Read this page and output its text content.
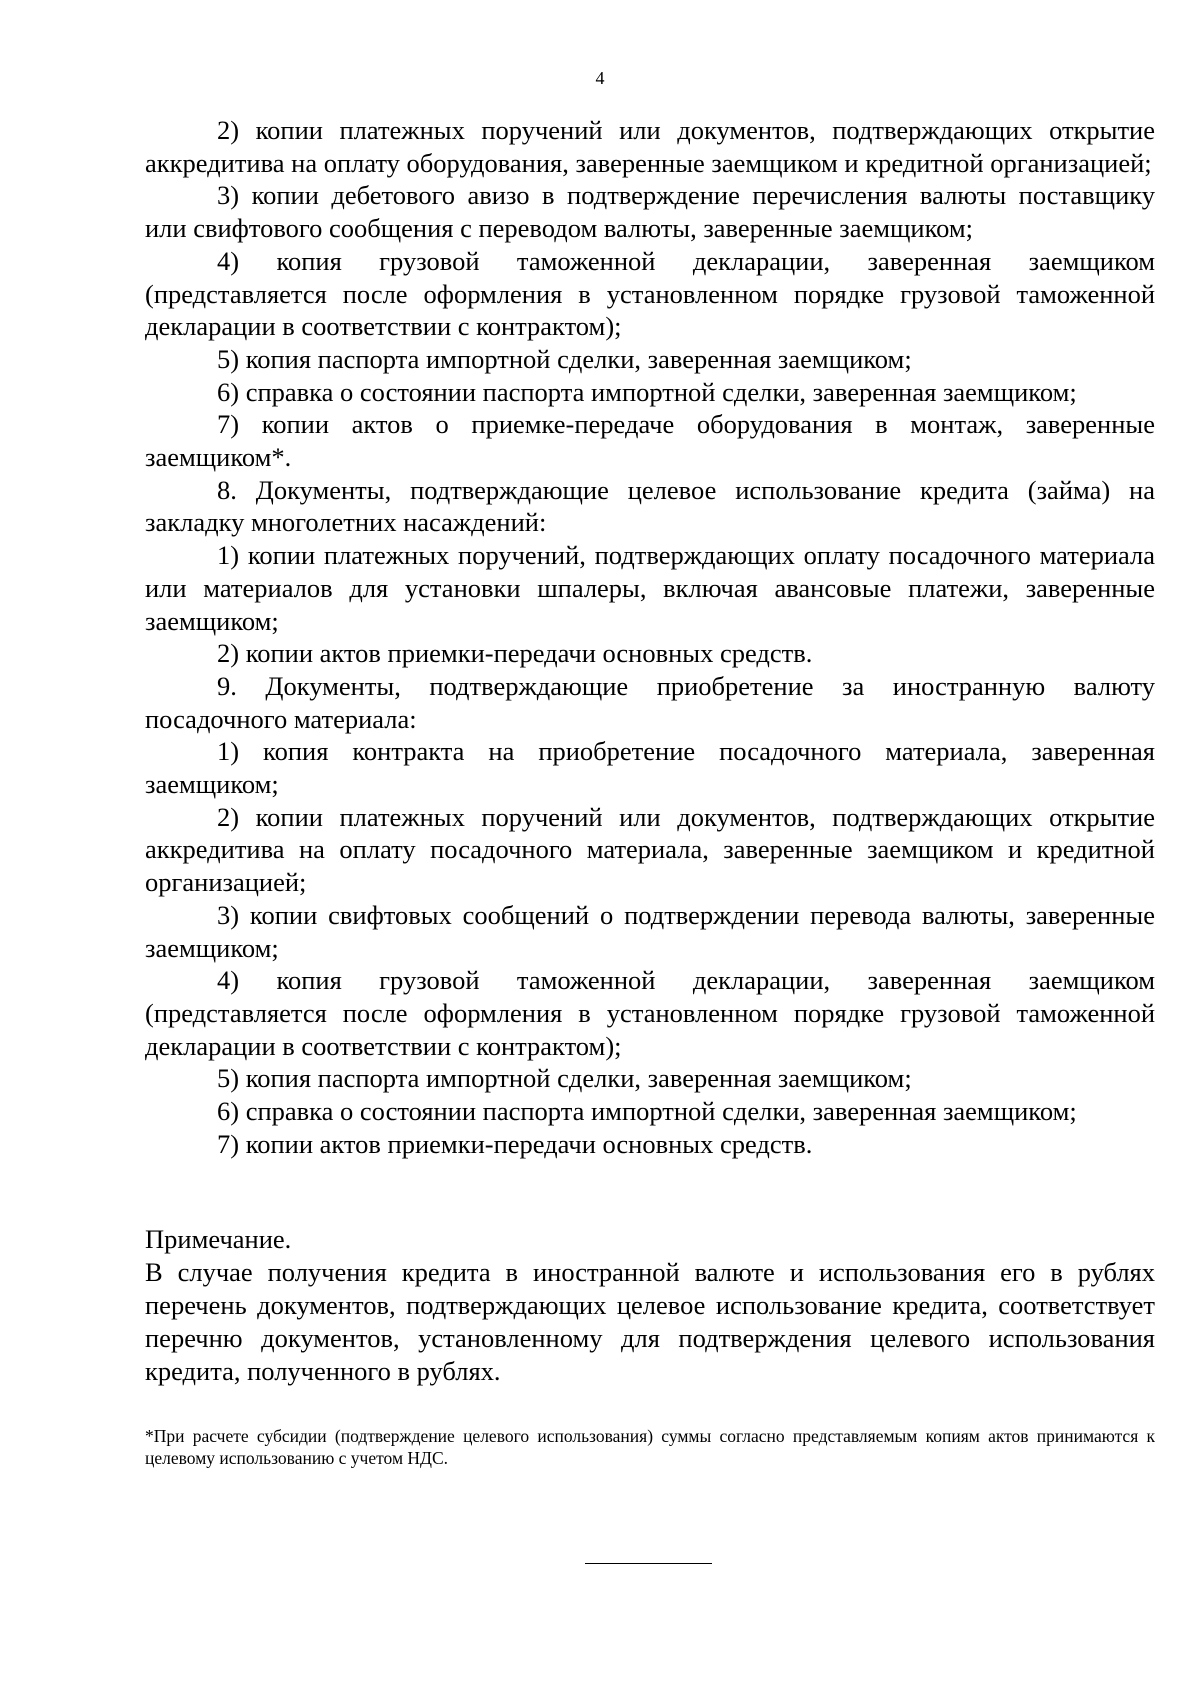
4

2) копии платежных поручений или документов, подтверждающих открытие аккредитива на оплату оборудования, заверенные заемщиком и кредитной организацией;

3) копии дебетового авизо в подтверждение перечисления валюты поставщику или свифтового сообщения с переводом валюты, заверенные заемщиком;

4) копия грузовой таможенной декларации, заверенная заемщиком (представляется после оформления в установленном порядке грузовой таможенной декларации в соответствии с контрактом);

5) копия паспорта импортной сделки, заверенная заемщиком;

6) справка о состоянии паспорта импортной сделки, заверенная заемщиком;

7) копии актов о приемке-передаче оборудования в монтаж, заверенные заемщиком*.

8. Документы, подтверждающие целевое использование кредита (займа) на закладку многолетних насаждений:

1) копии платежных поручений, подтверждающих оплату посадочного материала или материалов для установки шпалеры, включая авансовые платежи, заверенные заемщиком;

2) копии актов приемки-передачи основных средств.

9. Документы, подтверждающие приобретение за иностранную валюту посадочного материала:

1) копия контракта на приобретение посадочного материала, заверенная заемщиком;

2) копии платежных поручений или документов, подтверждающих открытие аккредитива на оплату посадочного материала, заверенные заемщиком и кредитной организацией;

3) копии свифтовых сообщений о подтверждении перевода валюты, заверенные заемщиком;

4) копия грузовой таможенной декларации, заверенная заемщиком (представляется после оформления в установленном порядке грузовой таможенной декларации в соответствии с контрактом);

5) копия паспорта импортной сделки, заверенная заемщиком;

6) справка о состоянии паспорта импортной сделки, заверенная заемщиком;

7) копии актов приемки-передачи основных средств.

Примечание.

В случае получения кредита в иностранной валюте и использования его в рублях перечень документов, подтверждающих целевое использование кредита, соответствует перечню документов, установленному для подтверждения целевого использования кредита, полученного в рублях.

*При расчете субсидии (подтверждение целевого использования) суммы согласно представляемым копиям актов принимаются к целевому использованию с учетом НДС.
